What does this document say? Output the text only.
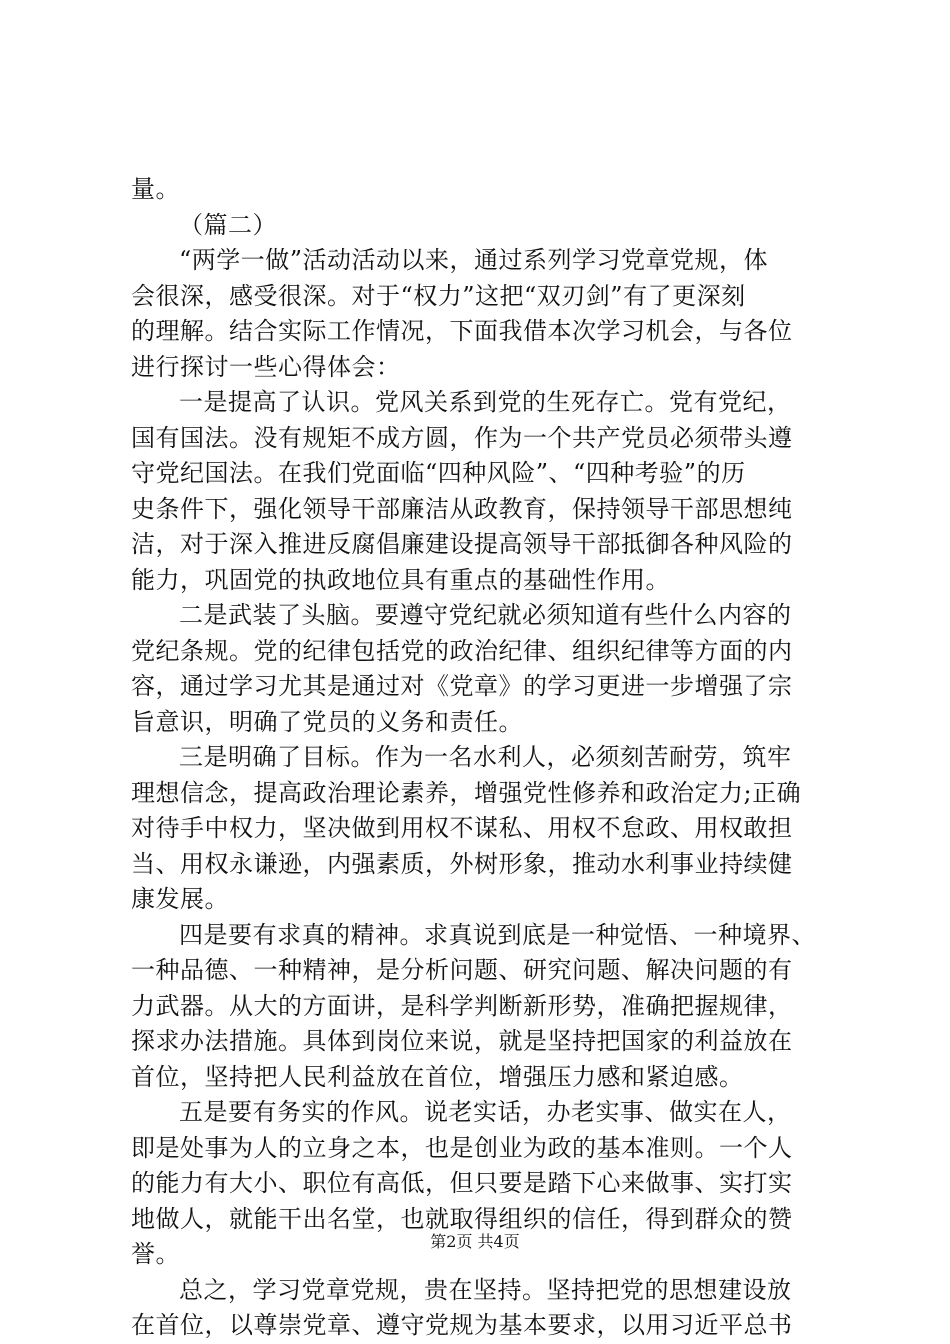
量。
（篇二）
“两学一做”活动活动以来，通过系列学习党章党规，体
会很深，感受很深。对于“权力”这把“双刃剑”有了更深刻
的理解。结合实际工作情况，下面我借本次学习机会，与各位
进行探讨一些心得体会：
一是提高了认识。党风关系到党的生死存亡。党有党纪，
国有国法。没有规矩不成方圆，作为一个共产党员必须带头遵
守党纪国法。在我们党面临“四种风险”、“四种考验”的历
史条件下，强化领导干部廉洁从政教育，保持领导干部思想纯
洁，对于深入推进反腐倡廉建设提高领导干部抵御各种风险的
能力，巩固党的执政地位具有重点的基础性作用。
二是武装了头脑。要遵守党纪就必须知道有些什么内容的
党纪条规。党的纪律包括党的政治纪律、组织纪律等方面的内
容，通过学习尤其是通过对《党章》的学习更进一步增强了宗
旨意识，明确了党员的义务和责任。
三是明确了目标。作为一名水利人，必须刻苦耐劳，筑牢
理想信念，提高政治理论素养，增强党性修养和政治定力;正确
对待手中权力，坚决做到用权不谋私、用权不怠政、用权敢担
当、用权永谦逊，内强素质，外树形象，推动水利事业持续健
康发展。
四是要有求真的精神。求真说到底是一种觉悟、一种境界、
一种品德、一种精神，是分析问题、研究问题、解决问题的有
力武器。从大的方面讲，是科学判断新形势，准确把握规律，
探求办法措施。具体到岗位来说，就是坚持把国家的利益放在
首位，坚持把人民利益放在首位，增强压力感和紧迫感。
五是要有务实的作风。说老实话，办老实事、做实在人，
即是处事为人的立身之本，也是创业为政的基本准则。一个人
的能力有大小、职位有高低，但只要是踏下心来做事、实打实
地做人，就能干出名堂，也就取得组织的信任，得到群众的赞
誉。
总之，学习党章党规，贵在坚持。坚持把党的思想建设放
在首位，以尊崇党章、遵守党规为基本要求，以用习近平总书
第2页 共4页
